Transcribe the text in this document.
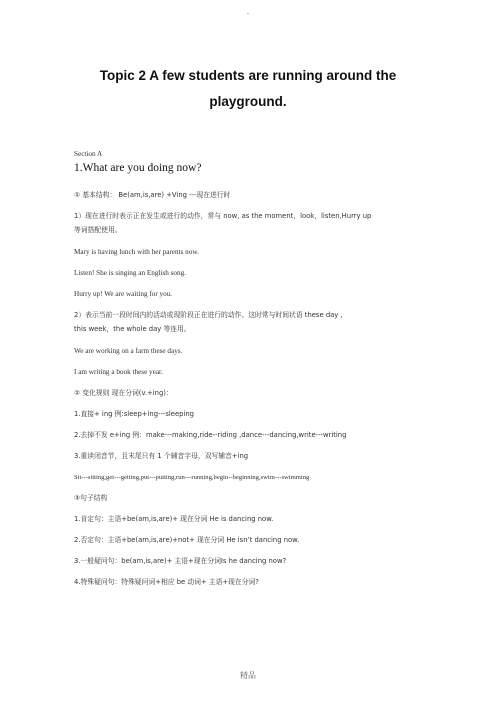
.
Topic 2 A few students are running around the
playground.
Section A
1.What are you doing now?
① 基本结构： Be(am,is,are) +Ving ---现在进行时
1）现在进行时表示正在发生或进行的动作，常与 now, as the moment，look，listen,Hurry up
等词搭配使用。
Mary is having lunch with her parents now.
Listen! She is singing an English song.
Hurry up! We are waiting for you.
2）表示当前一段时间内的活动或现阶段正在进行的动作。这时常与时间状语 these day ,
this week，the whole day 等连用。
We are working on a farm these days.
I am writing a book these year.
② 变化规则 现在分词(v.+ing)：
1.直接+ ing 例:sleep+ing---sleeping
2.去掉不发 e+ing 例：make---making,ride--riding ,dance---dancing,write---writing
3.重读闭音节，且末尾只有 1 个辅音字母，双写辅音+ing
Sit---sitting,get---getting,put---putting,run---running,begin--beginning,swim---swimming
③句子结构
1.肯定句：主语+be(am,is,are)+ 现在分词 He is dancing now.
2.否定句：主语+be(am,is,are)+not+ 现在分词 He isn’t dancing now.
3.一般疑问句：be(am,is,are)+ 主语+现在分词Is he dancing now?
4.特殊疑问句：特殊疑问词+相应 be 动词+ 主语+现在分词?
精品
